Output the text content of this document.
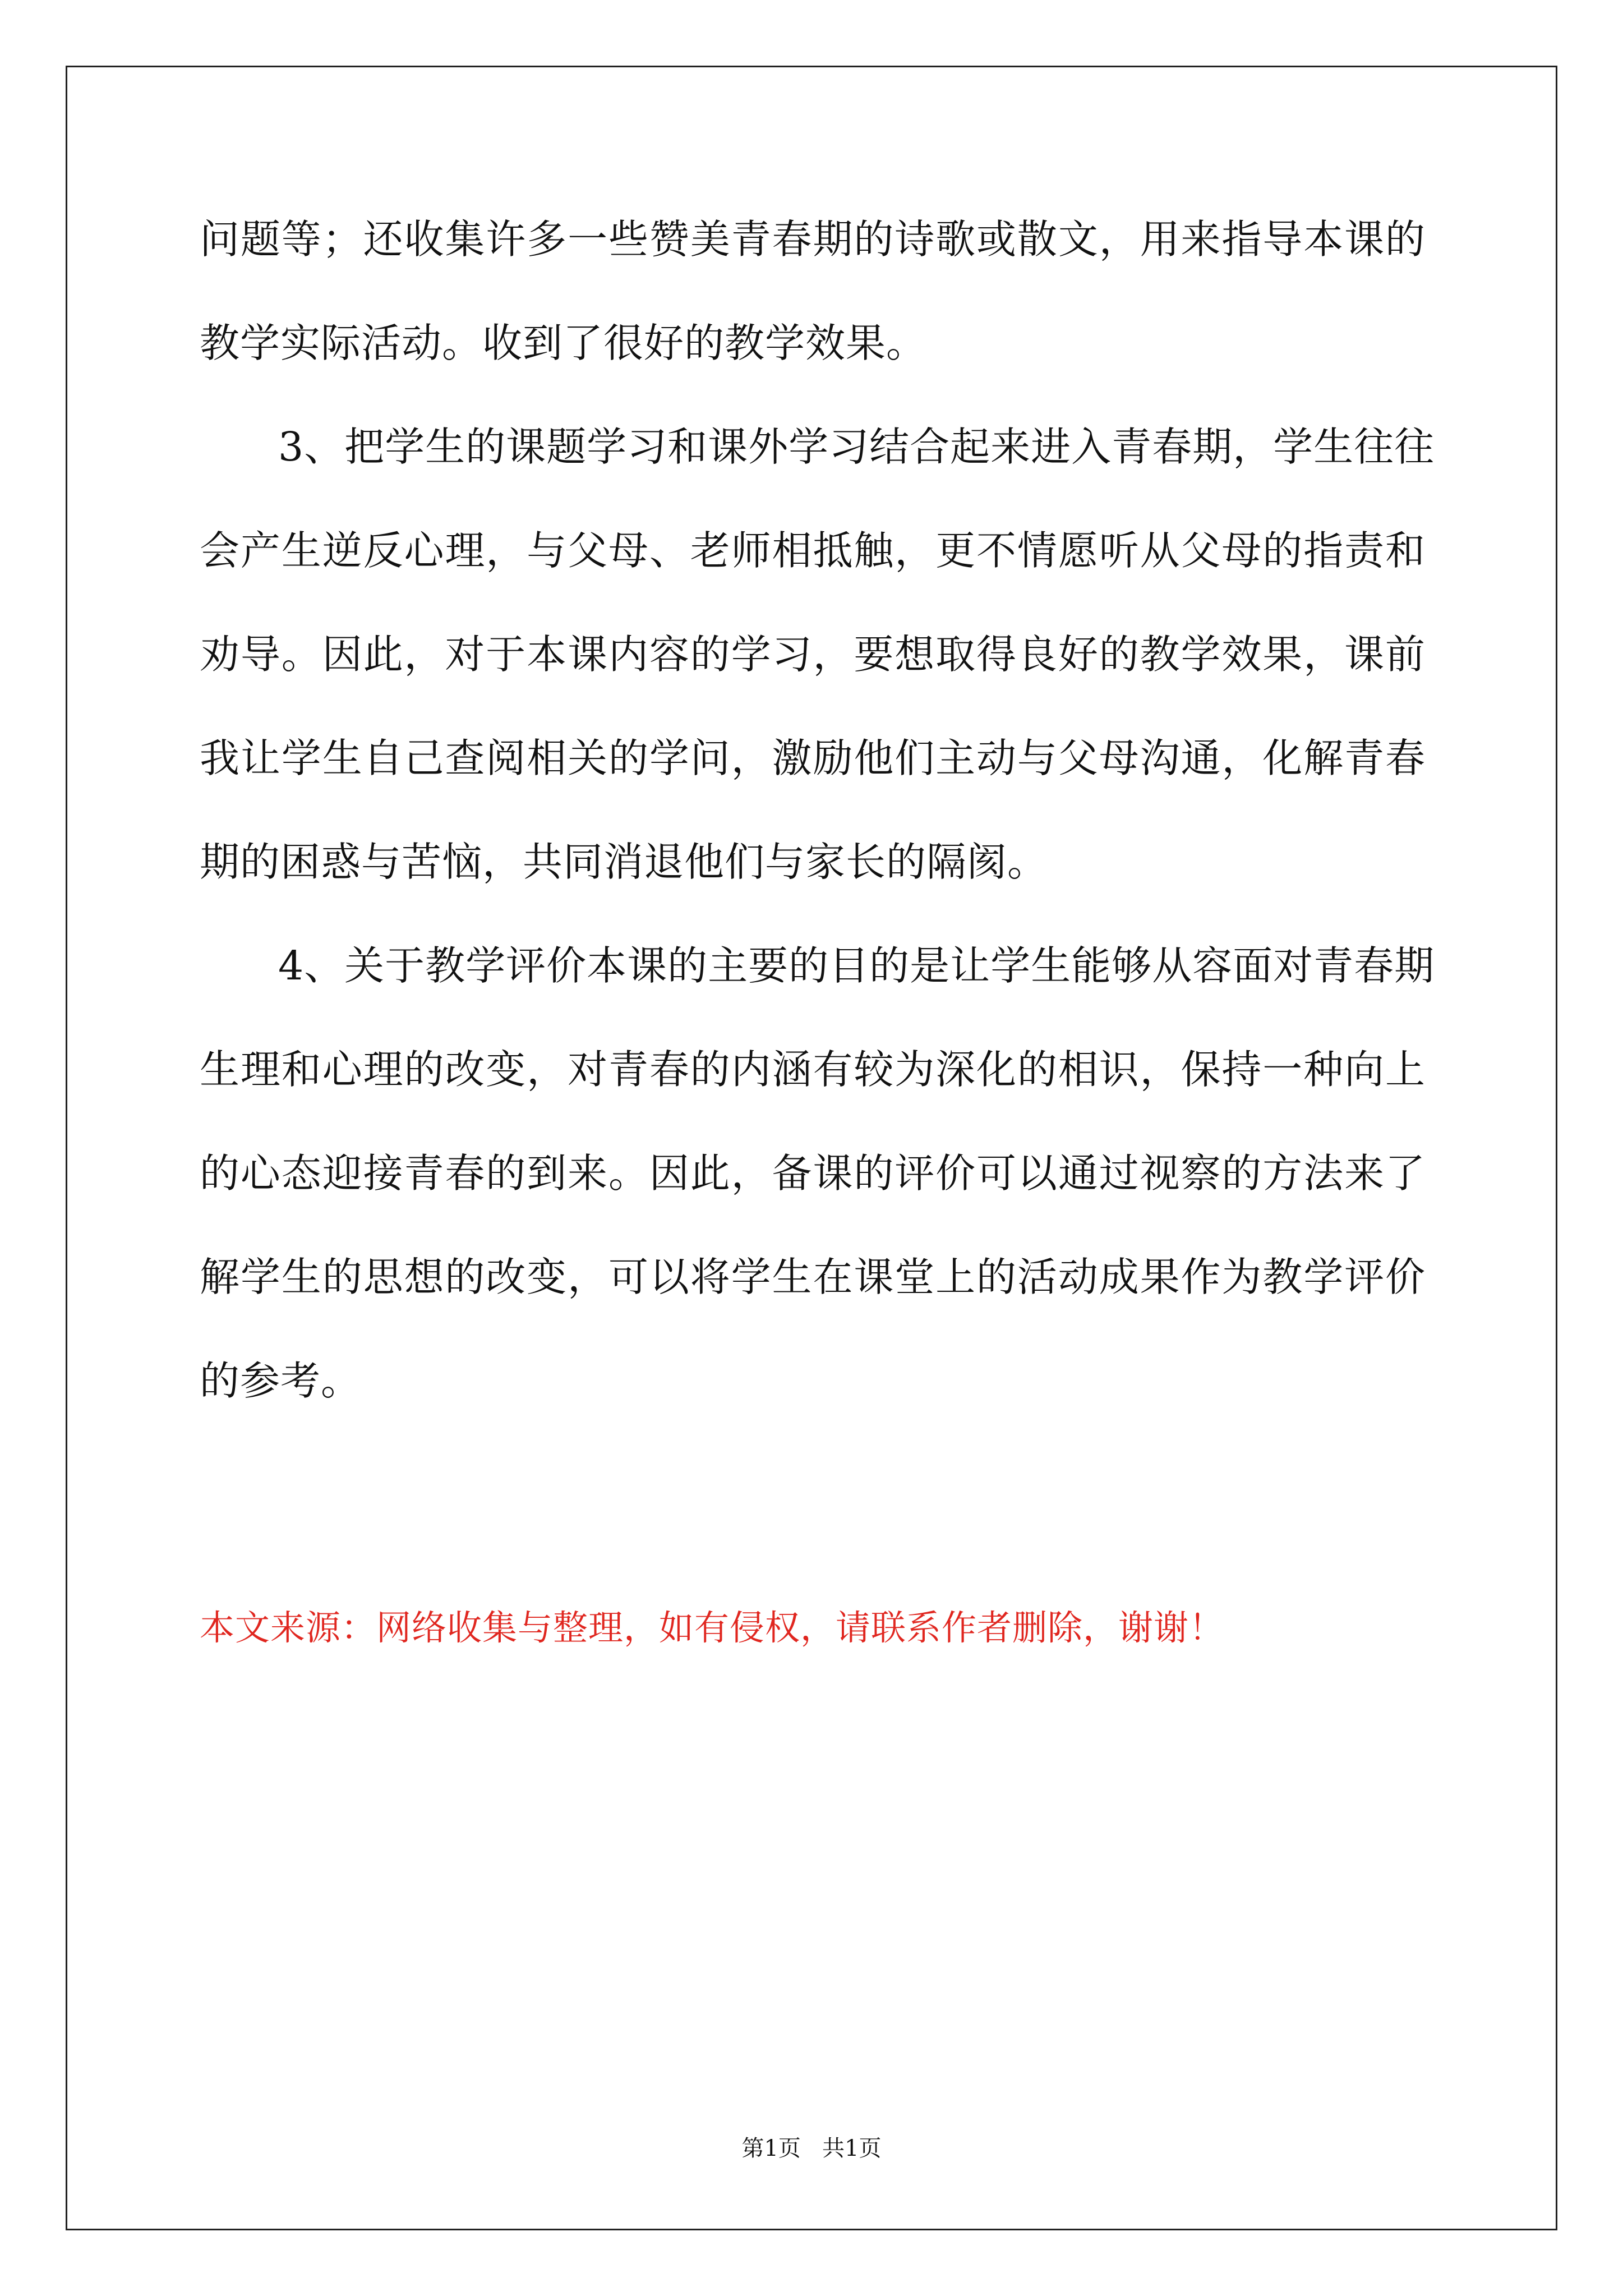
问题等；还收集许多一些赞美青春期的诗歌或散文，用来指导本课的
教学实际活动。收到了很好的教学效果。
3、把学生的课题学习和课外学习结合起来进入青春期，学生往往
会产生逆反心理，与父母、老师相抵触，更不情愿听从父母的指责和
劝导。因此，对于本课内容的学习，要想取得良好的教学效果，课前
我让学生自己查阅相关的学问，激励他们主动与父母沟通，化解青春
期的困惑与苦恼，共同消退他们与家长的隔阂。
4、关于教学评价本课的主要的目的是让学生能够从容面对青春期
生理和心理的改变，对青春的内涵有较为深化的相识，保持一种向上
的心态迎接青春的到来。因此，备课的评价可以通过视察的方法来了
解学生的思想的改变，可以将学生在课堂上的活动成果作为教学评价
的参考。
本文来源：网络收集与整理，如有侵权，请联系作者删除，谢谢！
第1页   共1页
